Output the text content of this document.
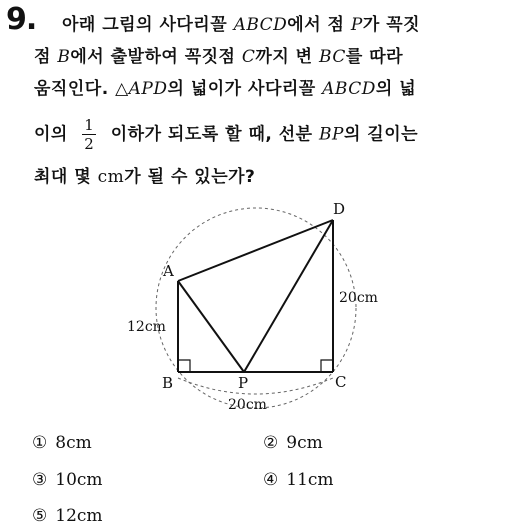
9. 아래 그림의 사다리꼴 ABCD에서 점 P가 꼭짓
점 B에서 출발하여 꼭짓점 C까지 변 BC를 따라
움직인다. △APD의 넓이가 사다리꼴 ABCD의 넓
이의 $\frac{1}{2}$ 이하가 되도록 할 때, 선분 BP의 길이는
최대 몇 cm가 될 수 있는가?
A
B	C
D
P
12cm
20cm
20cm
① 8cm	② 9cm
③ 10cm	④ 11cm
⑤ 12cm
